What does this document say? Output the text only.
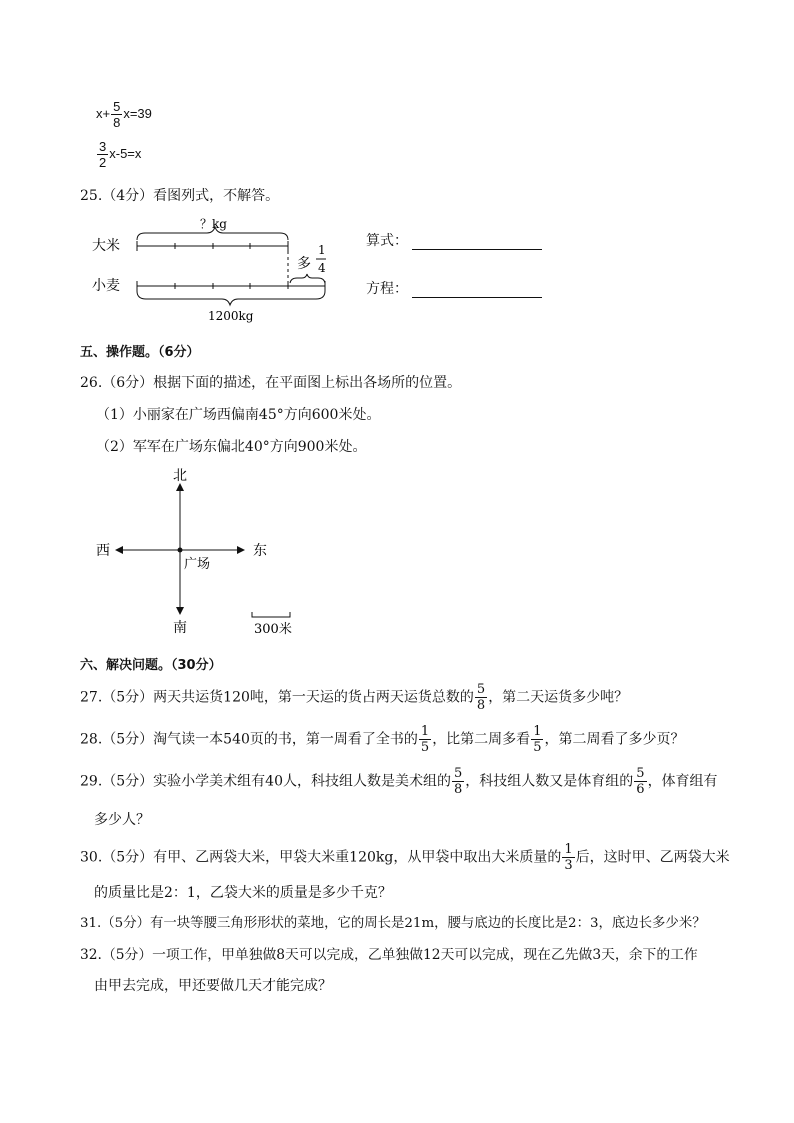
$x+ \frac{5}{8} x=39$
$\frac{3}{2} x-5=x$
25.（4分）看图列式，不解答。
大米
小麦
？kg
多
1
4
1200kg
算式：
方程：
五、操作题。（6分）
26.（6分）根据下面的描述，在平面图上标出各场所的位置。
（1）小丽家在广场西偏南45°方向600米处。
（2）军军在广场东偏北40°方向900米处。
北
南
西	东
广场
300米
六、解决问题。（30分）
27.（5分）两天共运货120吨，第一天运的货占两天运货总数的 $\frac{5}{8}$ ，第二天运货多少吨？
28.（5分）淘气读一本540页的书，第一周看了全书的 $\frac{1}{5}$ ，比第二周多看 $\frac{1}{5}$ ，第二周看了多少页？
29.（5分）实验小学美术组有40人，科技组人数是美术组的 $\frac{5}{8}$ ，科技组人数又是体育组的 $\frac{5}{6}$ ，体育组有
多少人？
30.（5分）有甲、乙两袋大米，甲袋大米重120kg，从甲袋中取出大米质量的 $\frac{1}{3}$ 后，这时甲、乙两袋大米
的质量比是2：1，乙袋大米的质量是多少千克？
31.（5分）有一块等腰三角形形状的菜地，它的周长是21m，腰与底边的长度比是2：3，底边长多少米？
32.（5分）一项工作，甲单独做8天可以完成，乙单独做12天可以完成，现在乙先做3天，余下的工作
由甲去完成，甲还要做几天才能完成？
